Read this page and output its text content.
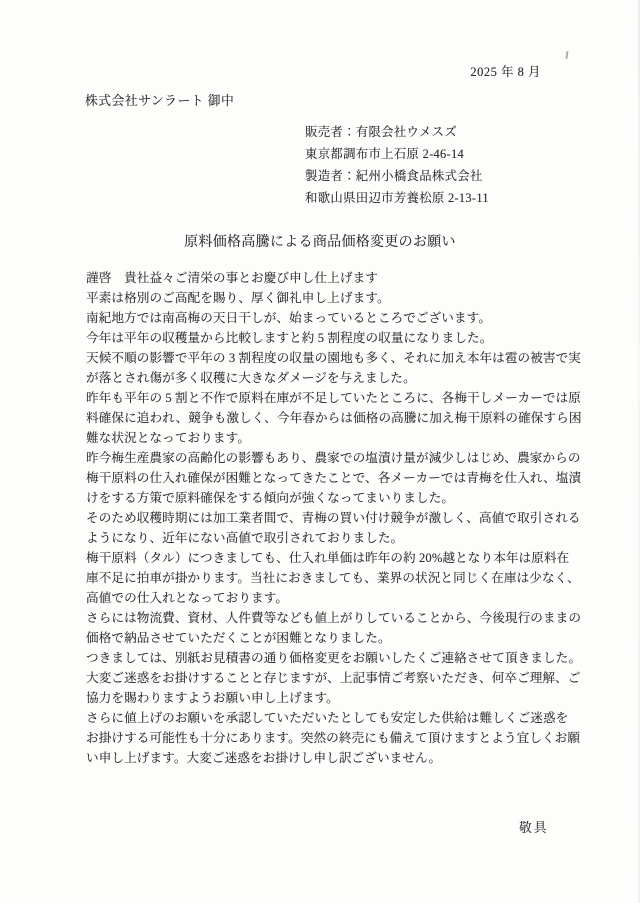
2025 年 8 月
株式会社サンラート 御中
販売者：有限会社ウメスズ
東京都調布市上石原 2-46-14
製造者：紀州小橋食品株式会社
和歌山県田辺市芳養松原 2-13-11
原料価格高騰による商品価格変更のお願い
謹啓　貴社益々ご清栄の事とお慶び申し仕上げます
平素は格別のご高配を賜り、厚く御礼申し上げます。
南紀地方では南高梅の天日干しが、始まっているところでございます。
今年は平年の収穫量から比較しますと約 5 割程度の収量になりました。
天候不順の影響で平年の 3 割程度の収量の園地も多く、それに加え本年は雹の被害で実
が落とされ傷が多く収穫に大きなダメージを与えました。
昨年も平年の 5 割と不作で原料在庫が不足していたところに、各梅干しメーカーでは原
料確保に追われ、競争も激しく、今年春からは価格の高騰に加え梅干原料の確保すら困
難な状況となっております。
昨今梅生産農家の高齢化の影響もあり、農家での塩漬け量が減少しはじめ、農家からの
梅干原料の仕入れ確保が困難となってきたことで、各メーカーでは青梅を仕入れ、塩漬
けをする方策で原料確保をする傾向が強くなってまいりました。
そのため収穫時期には加工業者間で、青梅の買い付け競争が激しく、高値で取引される
ようになり、近年にない高値で取引されておりました。
梅干原料（タル）につきましても、仕入れ単価は昨年の約 20%越となり本年は原料在
庫不足に拍車が掛かります。当社におきましても、業界の状況と同じく在庫は少なく、
高値での仕入れとなっております。
さらには物流費、資材、人件費等なども値上がりしていることから、今後現行のままの
価格で納品させていただくことが困難となりました。
つきましては、別紙お見積書の通り価格変更をお願いしたくご連絡させて頂きました。
大変ご迷惑をお掛けすることと存じますが、上記事情ご考察いただき、何卒ご理解、ご
協力を賜わりますようお願い申し上げます。
さらに値上げのお願いを承認していただいたとしても安定した供給は難しくご迷惑を
お掛けする可能性も十分にあります。突然の終売にも備えて頂けますとよう宜しくお願
い申し上げます。大変ご迷惑をお掛けし申し訳ございません。
敬具
